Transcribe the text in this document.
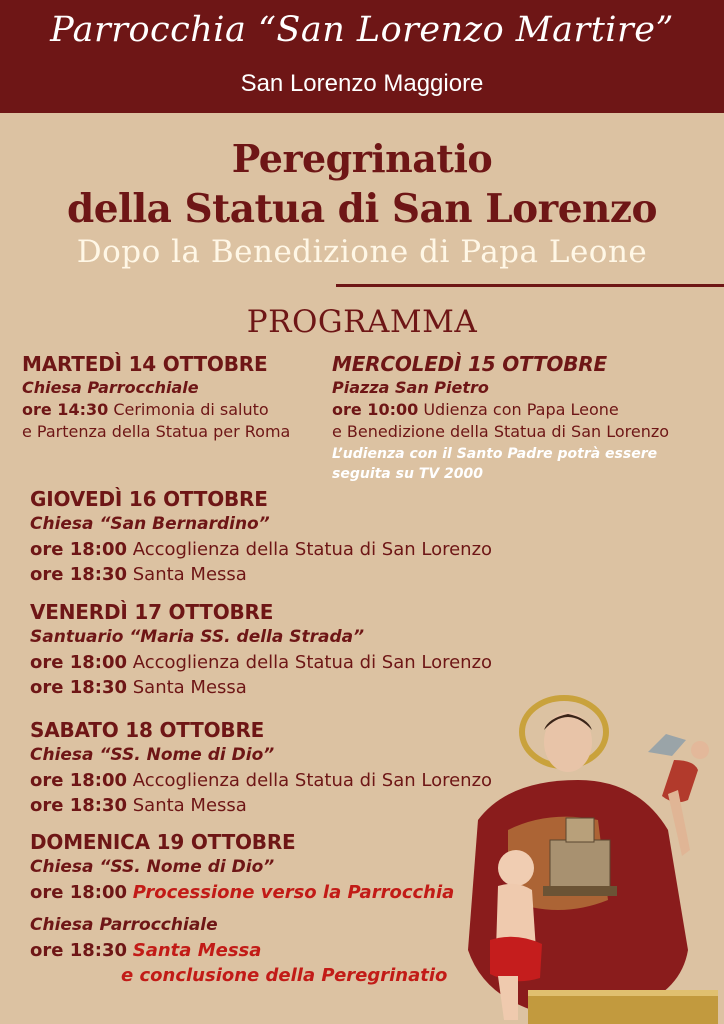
Parrocchia “San Lorenzo Martire”
San Lorenzo Maggiore
Peregrinatio
della Statua di San Lorenzo
Dopo la Benedizione di Papa Leone
PROGRAMMA
MARTEDÌ 14 OTTOBRE
Chiesa Parrocchiale
ore 14:30 Cerimonia di saluto
e Partenza della Statua per Roma
MERCOLEDÌ 15 OTTOBRE
Piazza San Pietro
ore 10:00 Udienza con Papa Leone
e Benedizione della Statua di San Lorenzo
L’udienza con il Santo Padre potrà essere
seguita su TV 2000
GIOVEDÌ 16 OTTOBRE
Chiesa “San Bernardino”
ore 18:00 Accoglienza della Statua di San Lorenzo
ore 18:30 Santa Messa
VENERDÌ 17 OTTOBRE
Santuario “Maria SS. della Strada”
ore 18:00 Accoglienza della Statua di San Lorenzo
ore 18:30 Santa Messa
SABATO 18 OTTOBRE
Chiesa “SS. Nome di Dio”
ore 18:00 Accoglienza della Statua di San Lorenzo
ore 18:30 Santa Messa
DOMENICA 19 OTTOBRE
Chiesa “SS. Nome di Dio”
ore 18:00 Processione verso la Parrocchia
Chiesa Parrocchiale
ore 18:30 Santa Messa
e conclusione della Peregrinatio
